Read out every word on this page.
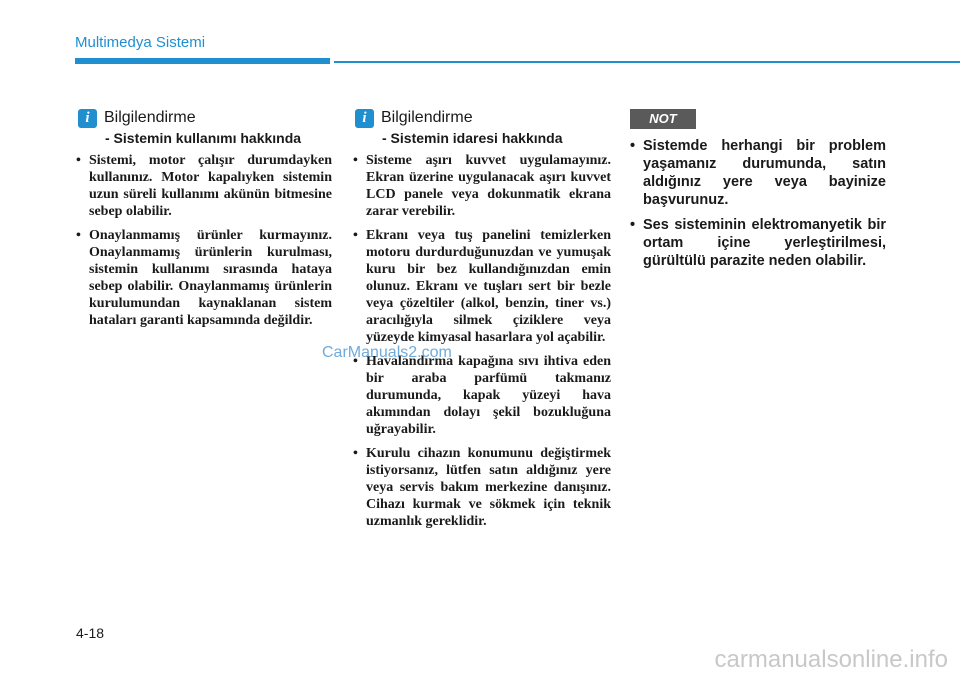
Multimedya Sistemi
i Bilgilendirme
- Sistemin kullanımı hakkında
• Sistemi, motor çalışır durumdayken kullanınız. Motor kapalıyken sistemin uzun süreli kullanımı akünün bitmesine sebep olabilir.
• Onaylanmamış ürünler kurmayınız. Onaylanmamış ürünlerin kurulması, sistemin kullanımı sırasında hataya sebep olabilir. Onaylanmamış ürünlerin kurulumundan kaynaklanan sistem hataları garanti kapsamında değildir.
i Bilgilendirme
- Sistemin idaresi hakkında
• Sisteme aşırı kuvvet uygulamayınız. Ekran üzerine uygulanacak aşırı kuvvet LCD panele veya dokunmatik ekrana zarar verebilir.
• Ekranı veya tuş panelini temizlerken motoru durdurduğunuzdan ve yumuşak kuru bir bez kullandığınızdan emin olunuz. Ekranı ve tuşları sert bir bezle veya çözeltiler (alkol, benzin, tiner vs.) aracılığıyla silmek çiziklere veya yüzeyde kimyasal hasarlara yol açabilir.
• Havalandırma kapağına sıvı ihtiva eden bir araba parfümü takmanız durumunda, kapak yüzeyi hava akımından dolayı şekil bozukluğuna uğrayabilir.
• Kurulu cihazın konumunu değiştirmek istiyorsanız, lütfen satın aldığınız yere veya servis bakım merkezine danışınız. Cihazı kurmak ve sökmek için teknik uzmanlık gereklidir.
NOT
• Sistemde herhangi bir problem yaşamanız durumunda, satın aldığınız yere veya bayinize başvurunuz.
• Ses sisteminin elektromanyetik bir ortam içine yerleştirilmesi, gürültülü parazite neden olabilir.
CarManuals2.com
4-18
carmanualsonline.info
